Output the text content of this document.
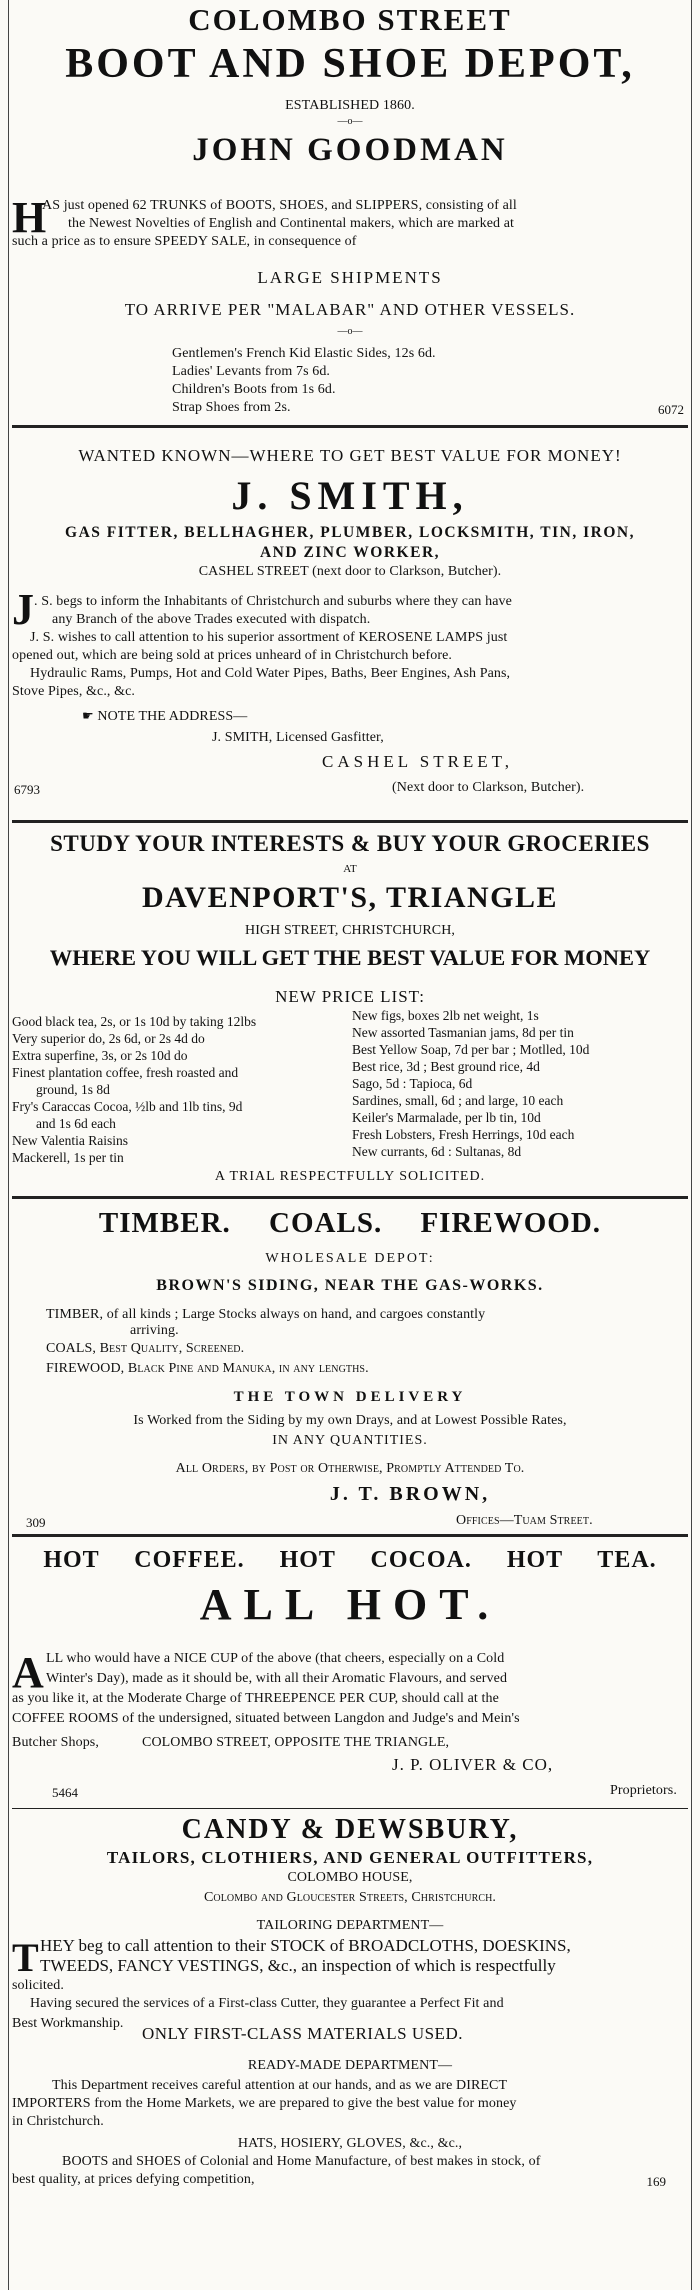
COLOMBO STREET
BOOT AND SHOE DEPOT,
ESTABLISHED 1860.
—o—
JOHN GOODMAN
H
AS just opened 62 TRUNKS of BOOTS, SHOES, and SLIPPERS, consisting of all
the Newest Novelties of English and Continental makers, which are marked at
such a price as to ensure SPEEDY SALE, in consequence of
LARGE SHIPMENTS
TO ARRIVE PER "MALABAR" AND OTHER VESSELS.
—o—
Gentlemen's French Kid Elastic Sides, 12s 6d.
Ladies' Levants from 7s 6d.
Children's Boots from 1s 6d.
Strap Shoes from 2s.	6072
WANTED KNOWN—WHERE TO GET BEST VALUE FOR MONEY!
J. SMITH,
GAS FITTER, BELLHAGHER, PLUMBER, LOCKSMITH, TIN, IRON,
AND ZINC WORKER,
CASHEL STREET (next door to Clarkson, Butcher).
J . S. begs to inform the Inhabitants of Christchurch and suburbs where they can have
any Branch of the above Trades executed with dispatch.
J. S. wishes to call attention to his superior assortment of KEROSENE LAMPS just
opened out, which are being sold at prices unheard of in Christchurch before.
Hydraulic Rams, Pumps, Hot and Cold Water Pipes, Baths, Beer Engines, Ash Pans,
Stove Pipes, &c., &c.
☛ NOTE THE ADDRESS—
J. SMITH, Licensed Gasfitter,
CASHEL STREET,
6793	(Next door to Clarkson, Butcher).
STUDY YOUR INTERESTS & BUY YOUR GROCERIES
AT
DAVENPORT'S, TRIANGLE
HIGH STREET, CHRISTCHURCH,
WHERE YOU WILL GET THE BEST VALUE FOR MONEY
NEW PRICE LIST:
Good black tea, 2s, or 1s 10d by taking 12lbs
Very superior do, 2s 6d, or 2s 4d do
Extra superfine, 3s, or 2s 10d do
Finest plantation coffee, fresh roasted and
ground, 1s 8d
Fry's Caraccas Cocoa, ½lb and 1lb tins, 9d
and 1s 6d each
New Valentia Raisins
Mackerell, 1s per tin
New figs, boxes 2lb net weight, 1s
New assorted Tasmanian jams, 8d per tin
Best Yellow Soap, 7d per bar ; Motlled, 10d
Best rice, 3d ; Best ground rice, 4d
Sago, 5d : Tapioca, 6d
Sardines, small, 6d ; and large, 10 each
Keiler's Marmalade, per lb tin, 10d
Fresh Lobsters, Fresh Herrings, 10d each
New currants, 6d : Sultanas, 8d
A TRIAL RESPECTFULLY SOLICITED.
TIMBER. COALS. FIREWOOD.
WHOLESALE DEPOT:
BROWN'S SIDING, NEAR THE GAS-WORKS.
TIMBER, of all kinds ; Large Stocks always on hand, and cargoes constantly
arriving.
COALS, Best Quality, Screened.
FIREWOOD, Black Pine and Manuka, in any lengths.
THE TOWN DELIVERY
Is Worked from the Siding by my own Drays, and at Lowest Possible Rates,
IN ANY QUANTITIES.
All Orders, by Post or Otherwise, Promptly Attended To.
J. T. BROWN,
309	Offices—Tuam Street.
HOT COFFEE. HOT COCOA. HOT TEA.
ALL HOT.
A LL who would have a NICE CUP of the above (that cheers, especially on a Cold
Winter's Day), made as it should be, with all their Aromatic Flavours, and served
as you like it, at the Moderate Charge of THREEPENCE PER CUP, should call at the
COFFEE ROOMS of the undersigned, situated between Langdon and Judge's and Mein's
Butcher Shops,	COLOMBO STREET, OPPOSITE THE TRIANGLE,
J. P. OLIVER & CO,
5464	Proprietors.
CANDY & DEWSBURY,
TAILORS, CLOTHIERS, AND GENERAL OUTFITTERS,
COLOMBO HOUSE,
Colombo and Gloucester Streets, Christchurch.
TAILORING DEPARTMENT—
T HEY beg to call attention to their STOCK of BROADCLOTHS, DOESKINS,
TWEEDS, FANCY VESTINGS, &c., an inspection of which is respectfully
solicited.
Having secured the services of a First-class Cutter, they guarantee a Perfect Fit and
Best Workmanship.
ONLY FIRST-CLASS MATERIALS USED.
READY-MADE DEPARTMENT—
This Department receives careful attention at our hands, and as we are DIRECT
IMPORTERS from the Home Markets, we are prepared to give the best value for money
in Christchurch.
HATS, HOSIERY, GLOVES, &c., &c.,
BOOTS and SHOES of Colonial and Home Manufacture, of best makes in stock, of
best quality, at prices defying competition,	169
